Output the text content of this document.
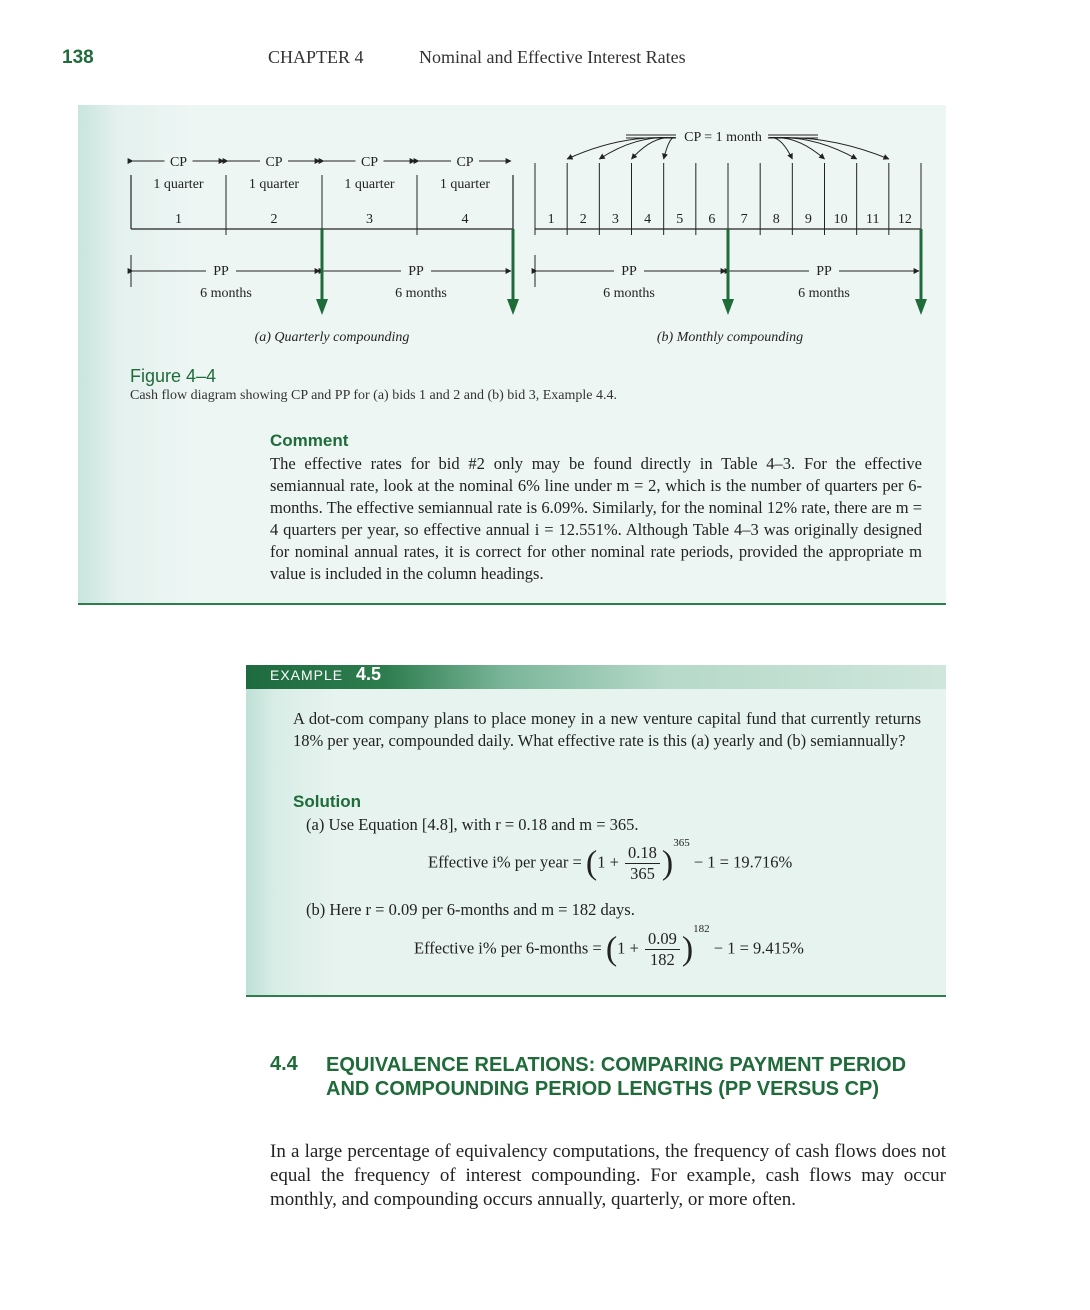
138	CHAPTER 4	Nominal and Effective Interest Rates
CP
1 quarter
CP
1 quarter
CP
1 quarter
CP
1 quarter
1	2	3	4
PP	PP
6 months	6 months
(a) Quarterly compounding
CP = 1 month
1 2 3 4 5 6 7 8 9 10 11 12
PP	PP
6 months	6 months
(b) Monthly compounding
Figure 4–4
Cash flow diagram showing CP and PP for (a) bids 1 and 2 and (b) bid 3, Example 4.4.
Comment

The effective rates for bid #2 only may be found directly in Table 4–3. For the effective semiannual rate, look at the nominal 6% line under m = 2, which is the number of quarters per 6-months. The effective semiannual rate is 6.09%. Similarly, for the nominal 12% rate, there are m = 4 quarters per year, so effective annual i = 12.551%. Although Table 4–3 was originally designed for nominal annual rates, it is correct for other nominal rate periods, provided the appropriate m value is included in the column headings.

EXAMPLE 4.5

A dot-com company plans to place money in a new venture capital fund that currently returns 18% per year, compounded daily. What effective rate is this (a) yearly and (b) semiannually?

Solution
(a) Use Equation [4.8], with r = 0.18 and m = 365.
Effective i% per year = $(1 + \frac{0.18}{365} )^{365} - 1 = 19.716\%$
(b) Here r = 0.09 per 6-months and m = 182 days.
Effective i% per 6-months = $(1 + \frac{0.09}{182} )^{182} - 1 = 9.415\%$
4.4 EQUIVALENCE RELATIONS: COMPARING PAYMENT PERIOD AND COMPOUNDING PERIOD LENGTHS (PP VERSUS CP)

In a large percentage of equivalency computations, the frequency of cash flows does not equal the frequency of interest compounding. For example, cash flows may occur monthly, and compounding occurs annually, quarterly, or more often.
